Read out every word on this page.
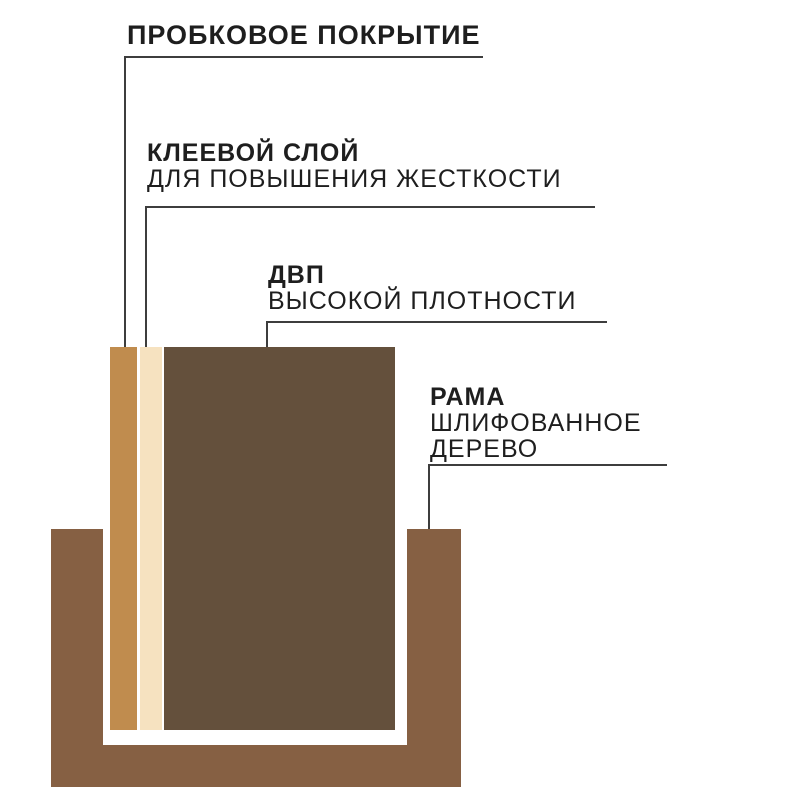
ПРОБКОВОЕ ПОКРЫТИЕ
КЛЕЕВОЙ СЛОЙ
ДЛЯ ПОВЫШЕНИЯ ЖЕСТКОСТИ
ДВП
ВЫСОКОЙ ПЛОТНОСТИ
РАМА
ШЛИФОВАННОЕ
ДЕРЕВО
